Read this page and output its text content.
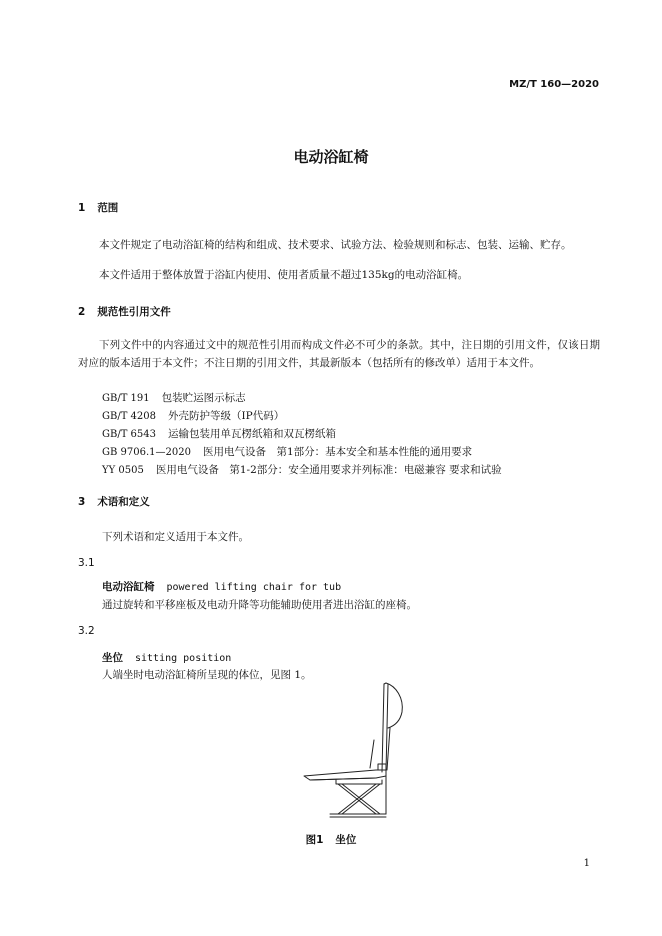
MZ/T 160—2020
电动浴缸椅
1 范围

本文件规定了电动浴缸椅的结构和组成、技术要求、试验方法、检验规则和标志、包装、运输、贮存。

本文件适用于整体放置于浴缸内使用、使用者质量不超过135kg的电动浴缸椅。

2 规范性引用文件

下列文件中的内容通过文中的规范性引用而构成文件必不可少的条款。其中，注日期的引用文件，仅该日期对应的版本适用于本文件；不注日期的引用文件，其最新版本（包括所有的修改单）适用于本文件。

GB/T 191 包装贮运图示标志
GB/T 4208 外壳防护等级（IP代码）
GB/T 6543 运输包装用单瓦楞纸箱和双瓦楞纸箱
GB 9706.1—2020 医用电气设备　第1部分：基本安全和基本性能的通用要求
YY 0505 医用电气设备　第1-2部分：安全通用要求并列标准：电磁兼容 要求和试验
3 术语和定义
下列术语和定义适用于本文件。
3.1
电动浴缸椅 powered lifting chair for tub
通过旋转和平移座板及电动升降等功能辅助使用者进出浴缸的座椅。
3.2
坐位 sitting position
人端坐时电动浴缸椅所呈现的体位，见图 1。
图1 坐位
1
